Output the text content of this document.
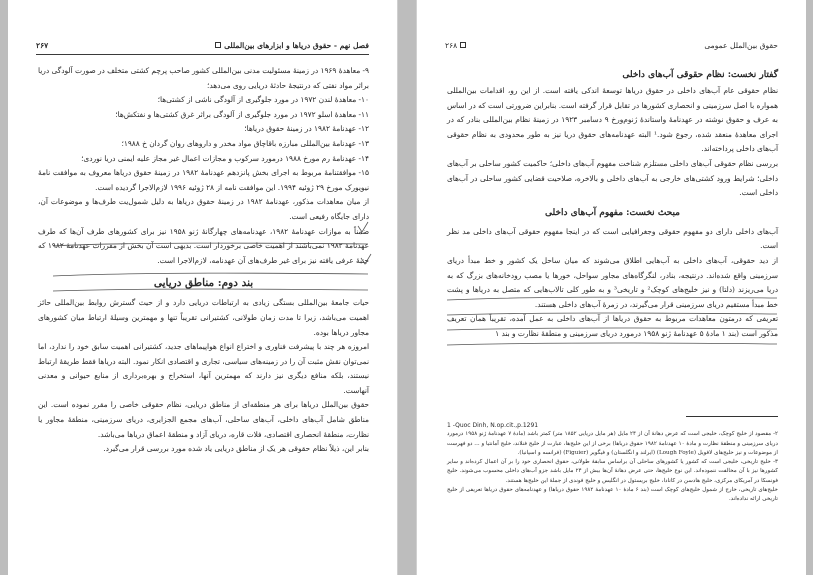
فصل نهم - حقوق درياها و ابزارهای بين‌المللی
۲۶۷

۹- معاهدهٔ ۱۹۶۹ در زمينهٔ مسئوليت مدنی بين‌المللی کشور صاحب پرچم کشتی متخلف در صورت آلودگی دريا براثر مواد نفتی که درنتيجهٔ حادثهٔ دريايی روی می‌دهد؛

۱۰- معاهدهٔ لندن ۱۹۷۲ در مورد جلوگيری از آلودگی ناشی از کشتی‌ها؛

۱۱- معاهدهٔ اسلو ۱۹۷۲ در مورد جلوگيری از آلودگی براثر غرق کشتی‌ها و نفتکش‌ها؛

۱۲- عهدنامهٔ ۱۹۸۲ در زمينهٔ حقوق درياها؛

۱۳- عهدنامهٔ بين‌المللی مبارزه باقاچاق مواد مخدر و داروهای روان گردان خ ۱۹۸۸؛

۱۴- عهدنامهٔ رم مورخ ۱۹۸۸ درمورد سرکوب و مجازات اعمال غير مجاز عليه ايمنی دريا نوردی؛

۱۵- موافقتنامهٔ مربوط به اجرای بخش پانزدهم عهدنامهٔ ۱۹۸۲ در زمينهٔ حقوق درياها معروف به موافقت نامهٔ نيويورک مورخ ۲۹ ژوئيه ۱۹۹۴. اين موافقت نامه از ۲۸ ژوئيه ۱۹۹۶ لازم‌الاجرا گرديده است.

از ميان معاهدات مذکور، عهدنامهٔ ۱۹۸۲ در زمينهٔ حقوق درياها به دليل شمول‌يت طرف‌ها و موضوعات آن، دارای جايگاه رفيعی است.

ضمناً به موازات عهدنامهٔ ۱۹۸۲، عهدنامه‌های چهارگانهٔ ژنو ۱۹۵۸ نيز برای کشورهای طرف آن‌ها که طرف عهدنامهٔ ۱۹۸۲ نمی‌باشند از اهميت خاصی برخوردار است. بديهی است آن بخش از مقررات عهدنامهٔ ۱۹۸۲ که جنبهٔ عرفی يافته نيز برای غير طرف‌های آن عهدنامه، لازم‌الاجرا است.

بند دوم: مناطق دريايی

حيات جامعهٔ بين‌المللی بستگی زيادی به ارتباطات دريايی دارد و از حيث گسترش روابط بين‌المللی حائز اهميت می‌باشد، زيرا تا مدت زمان طولانی، کشتيرانی تقريباً تنها و مهمترين وسيلهٔ ارتباط ميان کشورهای مجاور درياها بوده.

امروزه هر چند با پيشرفت فناوری و اختراع انواع هواپيماهای جديد، کشتيرانی اهميت سابق خود را ندارد، اما نمی‌توان نقش مثبت آن را در زمينه‌های سياسی، تجاری و اقتصادی انکار نمود. البته درياها فقط طريقهٔ ارتباط نيستند، بلکه منافع ديگری نيز دارند که مهمترين آنها، استخراج و بهره‌برداری از منابع حيوانی و معدنی آنهاست.

حقوق بين‌الملل درياها برای هر منطقه‌ای از مناطق دريايی، نظام حقوقی خاصی را مقرر نموده است. اين مناطق شامل آب‌های داخلی، آب‌های ساحلی، آب‌های مجمع الجزايری، دريای سرزمينی، منطقهٔ مجاور يا نظارت، منطقهٔ انحصاری اقتصادی، فلات قاره، دريای آزاد و منطقهٔ اعماق درياها می‌باشد.

بنابر اين، ذيلاً نظام حقوقی هر يک از مناطق دريايی ياد شده مورد بررسی قرار می‌گيرد.

حقوق بين‌الملل عمومی
۲۶۸
گفتار نخست: نظام حقوقی آب‌های داخلی

نظام حقوقی عام آب‌های داخلی در حقوق درياها توسعهٔ اندکی يافته است. از اين رو، اقدامات بين‌المللی همواره با اصل سرزمينی و انحصاری کشورها در تقابل قرار گرفته است. بنابراين ضرورتی است که در اساس به عرف و حقوق نوشته در عهدنامهٔ واستاندهٔ ژنوم‌ورخ ۹ دسامبر ۱۹۲۳ در زمينهٔ نظام بين‌المللی بنادر که در اجرای معاهدهٔ منعقد شده، رجوع شود.¹ البته عهدنامه‌های حقوق دريا نيز به طور محدودی به نظام حقوقی آب‌های داخلی پرداخته‌اند.

بررسی نظام حقوقی آب‌های داخلی مستلزم شناخت مفهوم آب‌های داخلی؛ حاکميت کشور ساحلی بر آب‌های داخلی؛ شرايط ورود کشتی‌های خارجی به آب‌های داخلی و بالاخره، صلاحيت قضايی کشور ساحلی در آب‌های داخلی است.

مبحث نخست: مفهوم آب‌های داخلی

آب‌های داخلی دارای دو مفهوم حقوقی وجغرافيايی است که در اينجا مفهوم حقوقی آب‌های داخلی مد نظر است.

از ديد حقوقی، آب‌های داخلی به آب‌هايی اطلاق می‌شوند که ميان ساحل يک کشور و خط مبدأ دريای سرزمينی واقع شده‌اند. درنتيجه، بنادر، لنگرگاه‌های مجاور سواحل، خورها يا مصب رودخانه‌های بزرگ که به دريا می‌ريزند (دلتا) و نيز خليج‌های کوچک² و تاريخی³ و به طور کلی تالاب‌هايی که متصل به درياها و پشت خط مبدأ مستقيم دريای سرزمينی قرار می‌گيرند، در زمرهٔ آب‌های داخلی هستند.

تعريفی که درمتون معاهدات مربوط به حقوق درياها از آب‌های داخلی به عمل آمده، تقريباً همان تعريف مذکور است (بند ۱ مادهٔ ۵ عهدنامهٔ ژنو ۱۹۵۸ درمورد دريای سرزمينی و منطقهٔ نظارت و بند ۱

1 -Quoc Dinh, N.op.cit.,p.1291

۲- مقصود از خليج کوچک، خليجی است که عرض دهانهٔ آن از ۲۴ مايل (هر مايل دريايی ۱۸۵۲ متر) کمتر باشد (مادهٔ ۷ عهدنامهٔ ژنو ۱۹۵۸ درمورد دريای سرزمينی و منطقهٔ نظارت و مادهٔ ۱۰ عهدنامهٔ ۱۹۸۲ حقوق درياها) برخی از اين خليج‌ها، عبارت از خليج فنلاند، خليج آمانتيا و ... دو فهرست از موضوعات و نيز خليج‌های لافويل (Lough Foyle) (ايرلند و انگلستان) و فيگوير (Figuier) (فرانسه و اسپانيا).

۳- خليج تاريخی، خليجی است که کشور يا کشورهای ساحلی آن براساس سابقهٔ طولانی، حقوق انحصاری خود را بر آن اعمال کرده‌اند و ساير کشورها نيز با آن مخالفت ننموده‌اند. اين نوع خليج‌ها، حتی عرض دهانهٔ آن‌ها بيش از ۲۴ مايل باشد جزو آب‌های داخلی محسوب می‌شوند. خليج فونسکا در آمريکای مرکزی، خليج هادسن در کانادا، خليج بريستول در انگليس و خليج فوندی از جملهٔ اين خليج‌ها هستند.

خليج‌های تاريخی، خارج از شمول خليج‌های کوچک است (بند ۶ مادهٔ ۱۰ عهدنامهٔ ۱۹۸۲ حقوق درياها) و عهدنامه‌های حقوق درياها تعريفی از خليج تاريخی ارائه نداده‌اند.
